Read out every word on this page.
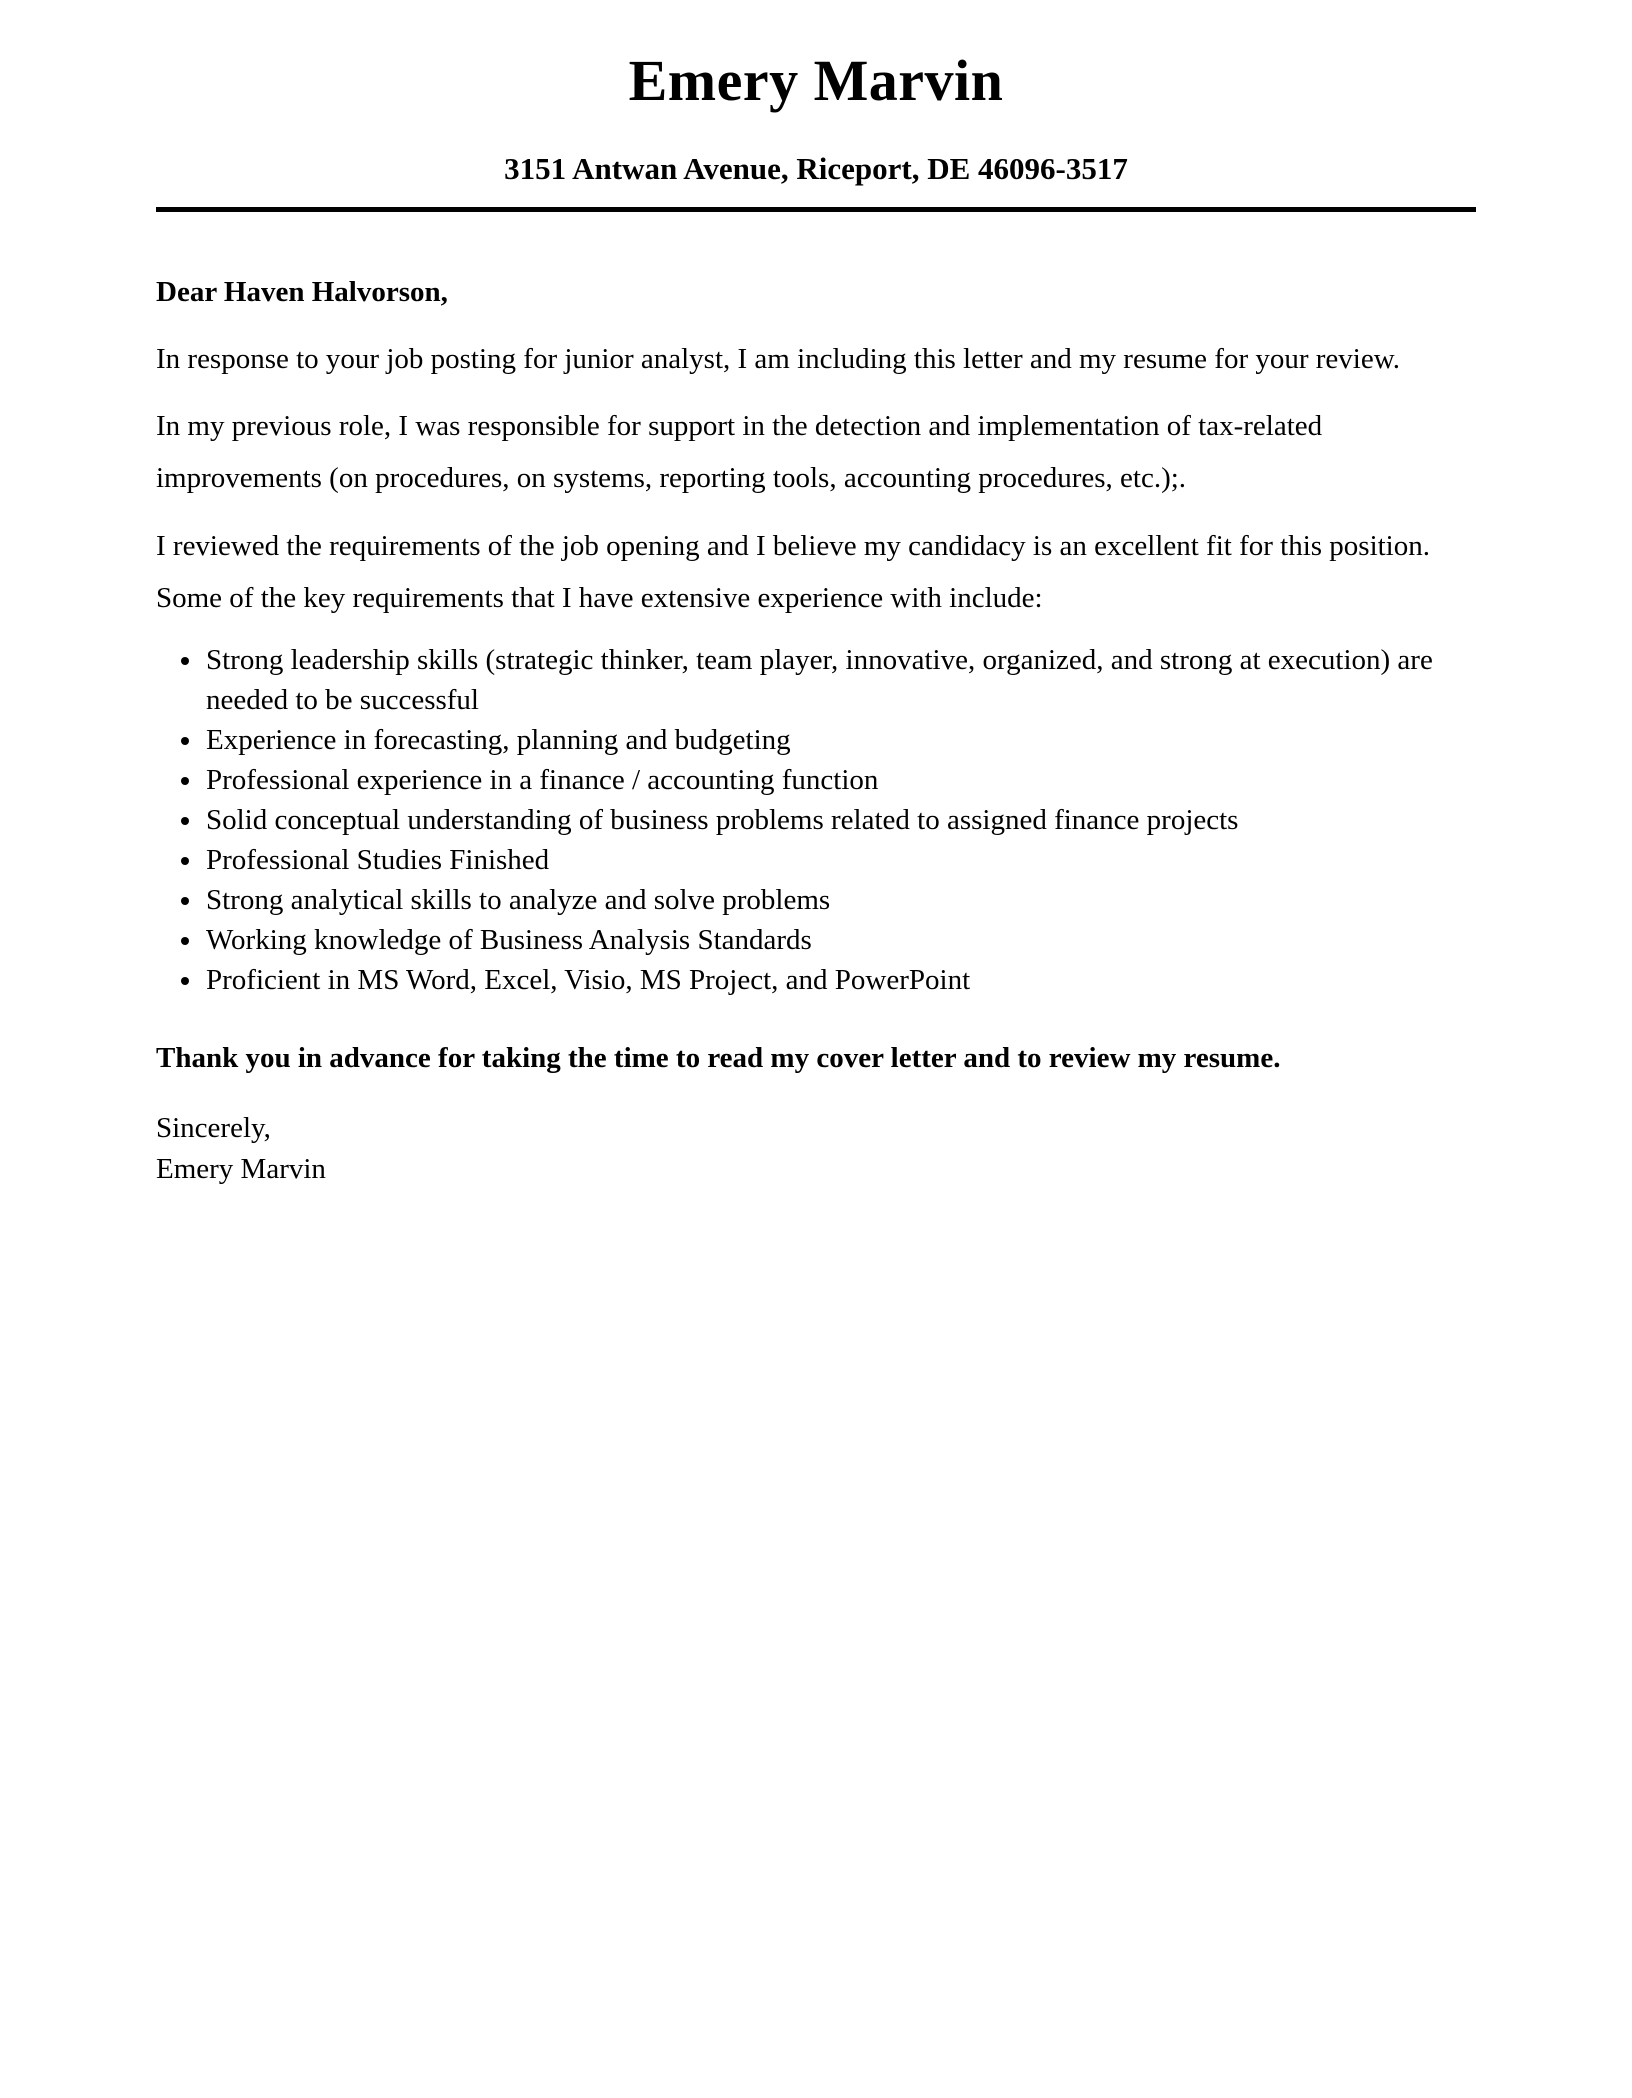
Emery Marvin
3151 Antwan Avenue, Riceport, DE 46096-3517
Dear Haven Halvorson,

In response to your job posting for junior analyst, I am including this letter and my resume for your review.

In my previous role, I was responsible for support in the detection and implementation of tax-related improvements (on procedures, on systems, reporting tools, accounting procedures, etc.);.

I reviewed the requirements of the job opening and I believe my candidacy is an excellent fit for this position. Some of the key requirements that I have extensive experience with include:

• Strong leadership skills (strategic thinker, team player, innovative, organized, and strong at execution) are needed to be successful
• Experience in forecasting, planning and budgeting
• Professional experience in a finance / accounting function
• Solid conceptual understanding of business problems related to assigned finance projects
• Professional Studies Finished
• Strong analytical skills to analyze and solve problems
• Working knowledge of Business Analysis Standards
• Proficient in MS Word, Excel, Visio, MS Project, and PowerPoint

Thank you in advance for taking the time to read my cover letter and to review my resume.

Sincerely,
Emery Marvin
